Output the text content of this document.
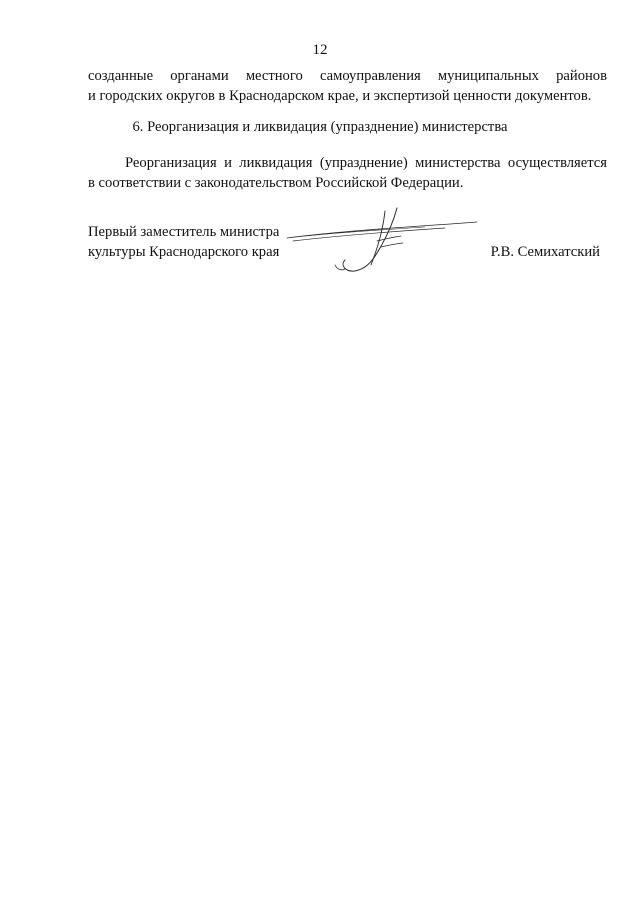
12
созданные органами местного самоуправления муниципальных районов
и городских округов в Краснодарском крае, и экспертизой ценности документов.
6. Реорганизация и ликвидация (упразднение) министерства
Реорганизация и ликвидация (упразднение) министерства осуществляется
в соответствии с законодательством Российской Федерации.
Первый заместитель министра
культуры Краснодарского края	Р.В. Семихатский
